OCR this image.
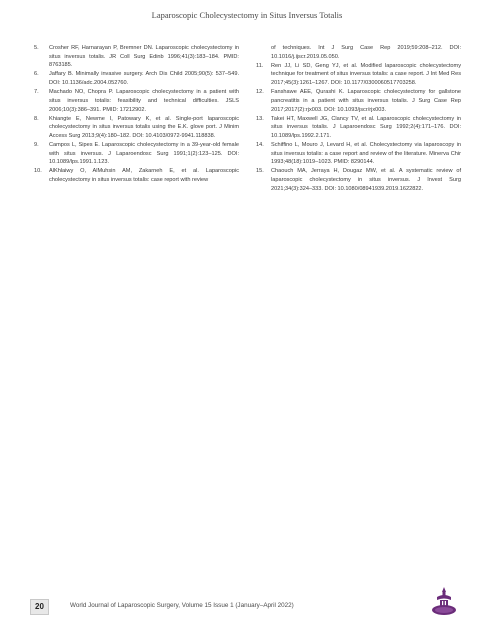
Laparoscopic Cholecystectomy in Situs Inversus Totalis
5.	Crosher RF, Harnarayan P, Bremner DN. Laparoscopic cholecystectomy in situs inversus totalis. JR Coll Surg Edinb 1996;41(3):183–184. PMID: 8763185.
6.	Jaffary B. Minimally invasive surgery. Arch Dis Child 2005;90(5): 537–549. DOI: 10.1136/adc.2004.052760.
7.	Machado NO, Chopra P. Laparoscopic cholecystectomy in a patient with situs inversus totalis: feasibility and technical difficulties. JSLS 2006;10(3):386–391. PMID: 17212902.
8.	Khiangte E, Newme I, Patowary K, et al. Single-port laparoscopic cholecystectomy in situs inversus totalis using the E.K. glove port. J Minim Access Surg 2013;9(4):180–182. DOI: 10.4103/0972-9941.118838.
9.	Campos L, Sipes E. Laparoscopic cholecystectomy in a 39-year-old female with situs inversus. J Laparoendosc Surg 1991;1(2):123–125. DOI: 10.1089/lps.1991.1.123.
10.	AlKhlaiwy O, AlMuhsin AM, Zakarneh E, et al. Laparoscopic cholecystectomy in situs inversus totalis: case report with review
of techniques. Int J Surg Case Rep 2019;59:208–212. DOI: 10.1016/j.ijscr.2019.05.050.
11.	Ren JJ, Li SD, Geng YJ, et al. Modified laparoscopic cholecystectomy technique for treatment of situs inversus totalis: a case report. J Int Med Res 2017;45(3):1261–1267. DOI: 10.1177/0300060517703258.
12.	Fanshawe AEE, Qurashi K. Laparoscopic cholecystectomy for gallstone pancreatitis in a patient with situs inversus totalis. J Surg Case Rep 2017;2017(2):rjx003. DOI: 10.1093/jscr/rjx003.
13.	Takei HT, Maxwell JG, Clancy TV, et al. Laparoscopic cholecystectomy in situs inversus totalis. J Laparoendosc Surg 1992;2(4):171–176. DOI: 10.1089/lps.1992.2.171.
14.	Schiffino L, Mouro J, Levard H, et al. Cholecystectomy via laparoscopy in situs inversus totalis: a case report and review of the literature. Minerva Chir 1993;48(18):1019–1023. PMID: 8290144.
15.	Chaouch MA, Jerraya H, Dougaz MW, et al. A systematic review of laparoscopic cholecystectomy in situs inversus. J Invest Surg 2021;34(3):324–333. DOI: 10.1080/08941939.2019.1622822.
20	World Journal of Laparoscopic Surgery, Volume 15 Issue 1 (January–April 2022)
